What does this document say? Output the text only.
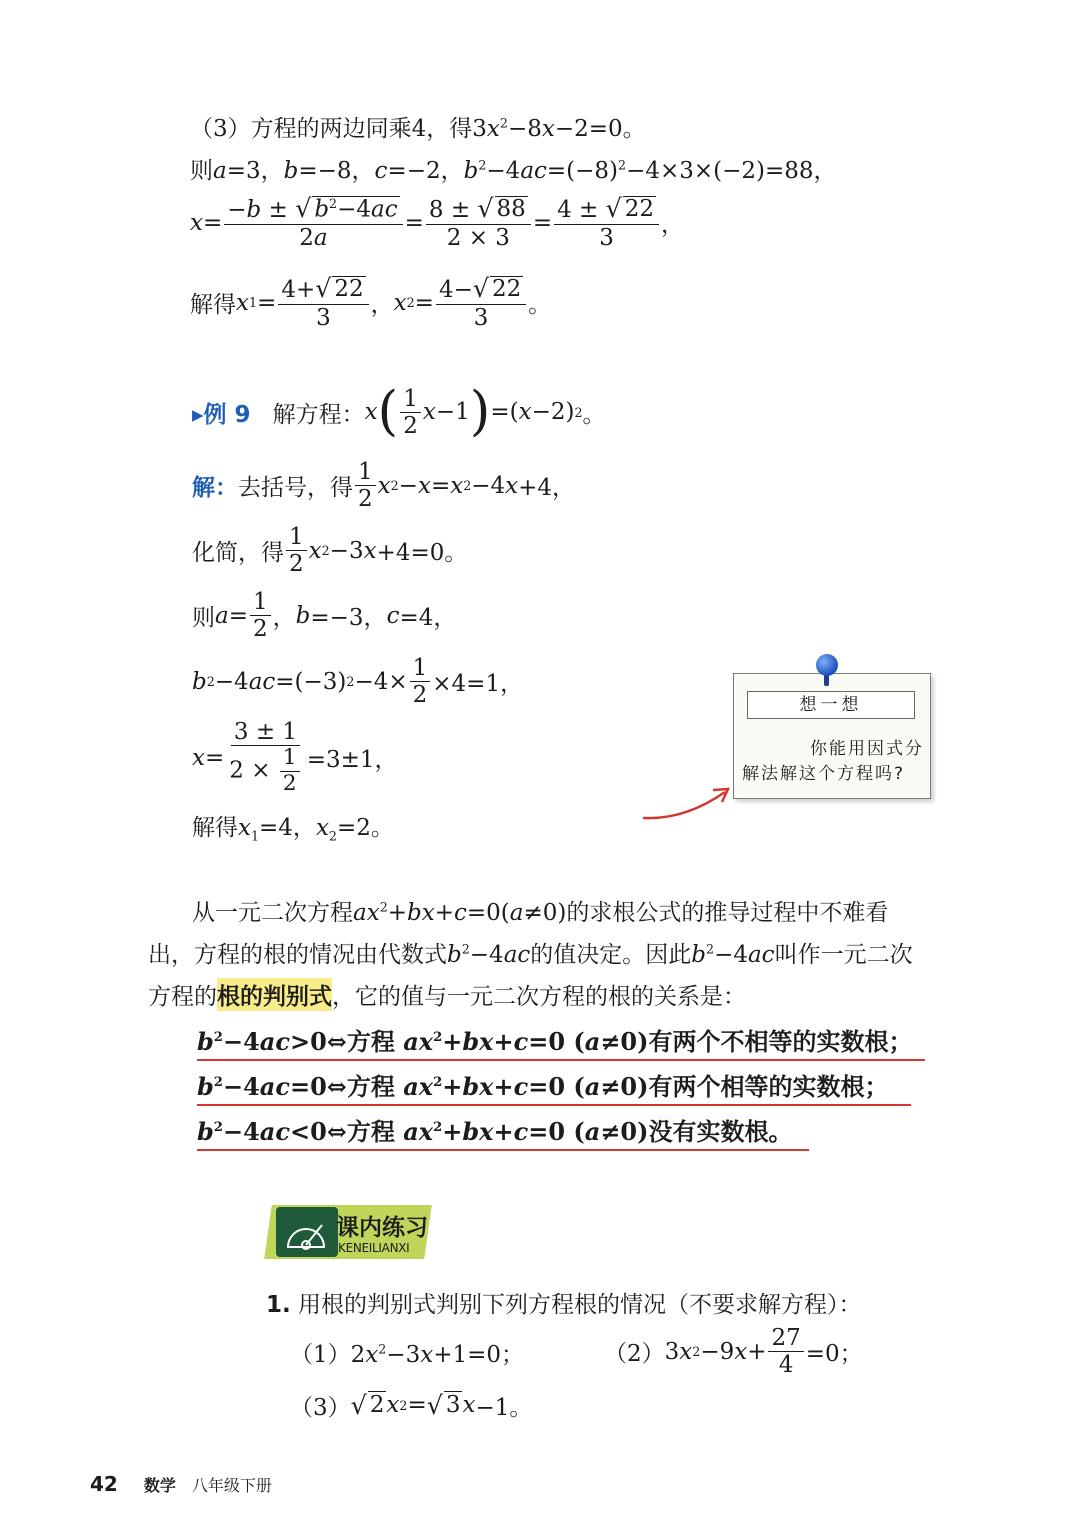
（3）方程的两边同乘4，得$3x^2-8x-2=0$。
则a=3，b=−8，c=−2，$b^2-4ac=(-8)^2-4\times 3\times(-2)=88$，
$x = \frac{-b \pm √ b^2-4ac}{2a} = \frac{8 \pm √ 88}{2 \times 3} = \frac{4 \pm √ 22}{3}$ ，
解得 x $1 = \frac{4+ √ 22}{3}$ ， x $2 = \frac{4- √ 22}{3}$ 。
▸例 9 解方程： x ( $\frac{1}{2}$ x −1 ) =( x −2) 2 。
解： 去括号，得 $\frac{1}{2}$ x 2 − x = x 2 −4 x +4，
化简，得 $\frac{1}{2}$ x 2 −3 x +4=0。
则 $a = \frac{1}{2}$ ， b =−3， c =4，
b 2 −4 ac =(−3) $2 -4\times \frac{1}{2} \times 4=1$，
$x = \frac{3 \pm 1}{2 \times \frac{1}{2}} =3\pm 1$，
解得$x_1=4$，$x_2=2$。
想一想
你能用因式分
解法解这个方程吗?
从一元二次方程$ax^2+bx+c=0(a\ne 0)$的求根公式的推导过程中不难看
出，方程的根的情况由代数式$b^2-4ac$的值决定。因此$b^2-4ac$叫作一元二次
方程的 根的判别式 ，它的值与一元二次方程的根的关系是：
$b^2-4ac>0\Leftrightarrow$方程 $ax^2+bx+c=0$ (a≠0)有两个不相等的实数根；
$b^2-4ac=0\Leftrightarrow$方程 $ax^2+bx+c=0$ (a≠0)有两个相等的实数根；
$b^2-4ac<0\Leftrightarrow$方程 $ax^2+bx+c=0$ (a≠0)没有实数根。
课内练习
KENEILIANXI
1. 用根的判别式判别下列方程根的情况（不要求解方程）：
$(1)2x^2-3x+1=0$；	（2） 3 x 2 −9 $x + \frac{27}{4} =0$；
（3） √ 2 x 2 = √ 3 x −1。
42 数学 八年级下册
